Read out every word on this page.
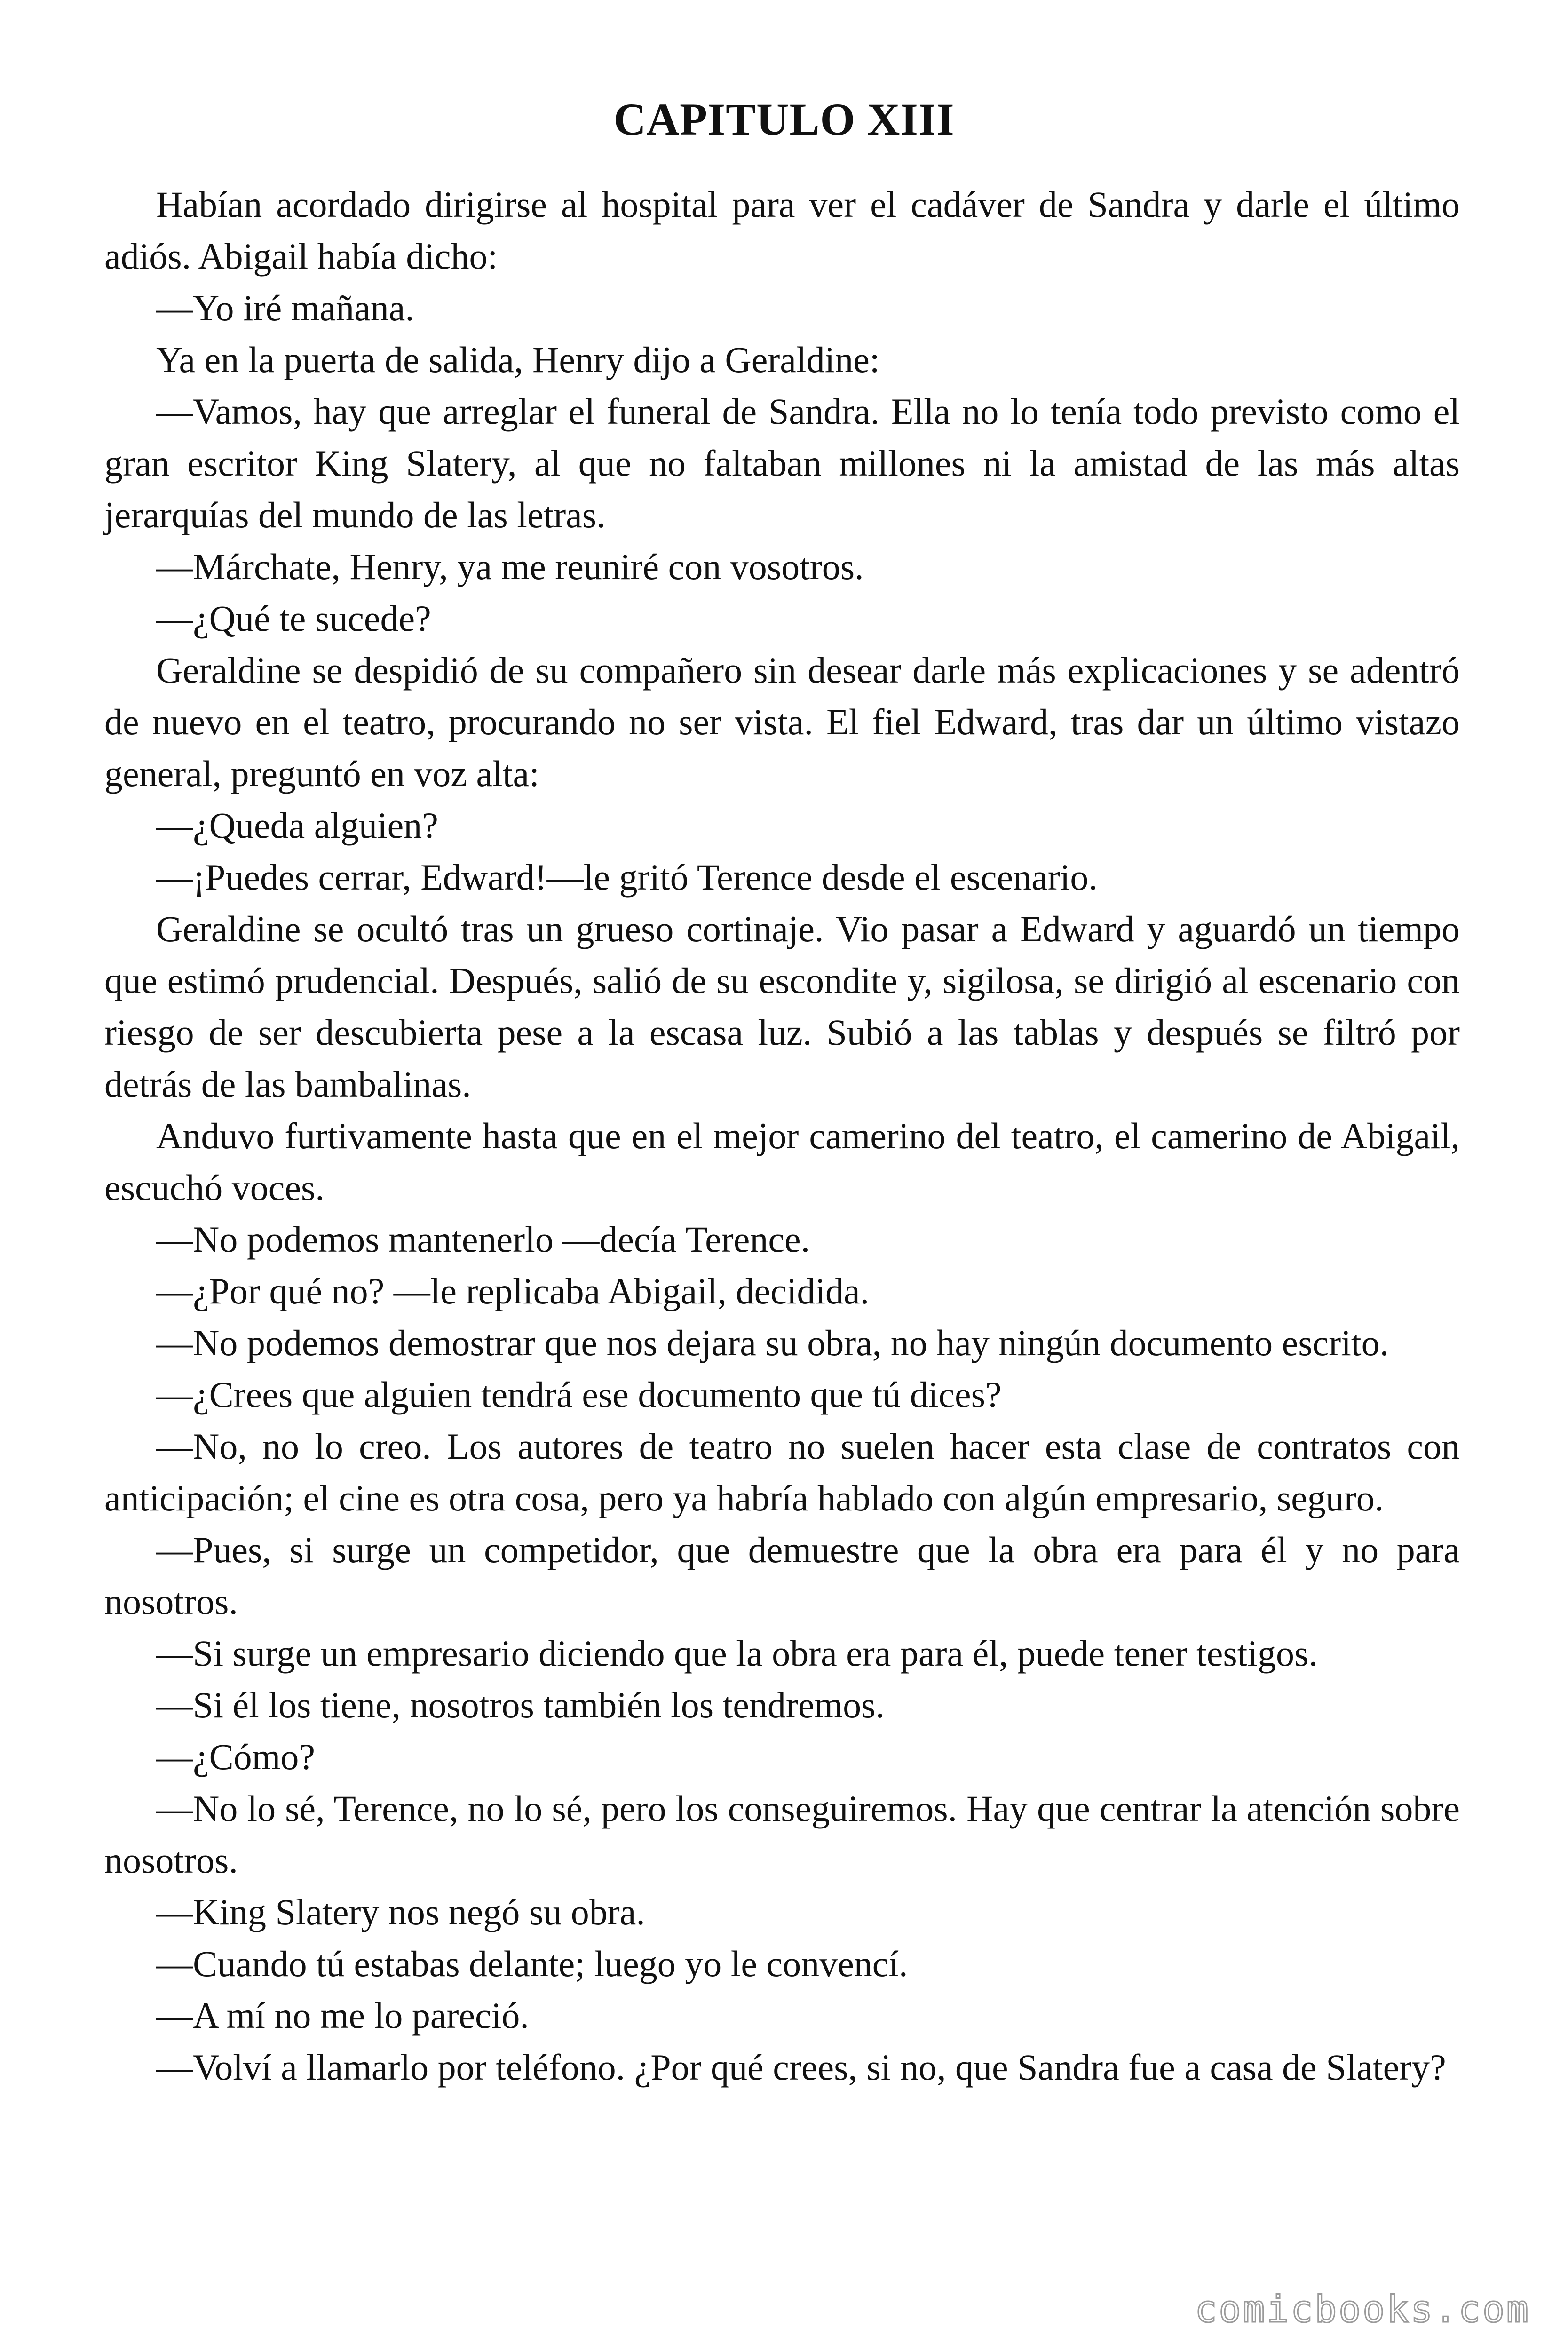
CAPITULO XIII

Habían acordado dirigirse al hospital para ver el cadáver de Sandra y darle el último adiós. Abigail había dicho:

—Yo iré mañana.

Ya en la puerta de salida, Henry dijo a Geraldine:

—Vamos, hay que arreglar el funeral de Sandra. Ella no lo tenía todo previsto como el gran escritor King Slatery, al que no faltaban millones ni la amistad de las más altas jerarquías del mundo de las letras.

—Márchate, Henry, ya me reuniré con vosotros.

—¿Qué te sucede?

Geraldine se despidió de su compañero sin desear darle más explicaciones y se adentró de nuevo en el teatro, procurando no ser vista. El fiel Edward, tras dar un último vistazo general, preguntó en voz alta:

—¿Queda alguien?

—¡Puedes cerrar, Edward!—le gritó Terence desde el escenario.

Geraldine se ocultó tras un grueso cortinaje. Vio pasar a Edward y aguardó un tiempo que estimó prudencial. Después, salió de su escondite y, sigilosa, se dirigió al escenario con riesgo de ser descubierta pese a la escasa luz. Subió a las tablas y después se filtró por detrás de las bambalinas.

Anduvo furtivamente hasta que en el mejor camerino del teatro, el camerino de Abigail, escuchó voces.

—No podemos mantenerlo —decía Terence.

—¿Por qué no? —le replicaba Abigail, decidida.

—No podemos demostrar que nos dejara su obra, no hay ningún documento escrito.

—¿Crees que alguien tendrá ese documento que tú dices?

—No, no lo creo. Los autores de teatro no suelen hacer esta clase de contratos con anticipación; el cine es otra cosa, pero ya habría hablado con algún empresario, seguro.

—Pues, si surge un competidor, que demuestre que la obra era para él y no para nosotros.

—Si surge un empresario diciendo que la obra era para él, puede tener testigos.

—Si él los tiene, nosotros también los tendremos.

—¿Cómo?

—No lo sé, Terence, no lo sé, pero los conseguiremos. Hay que centrar la atención sobre nosotros.

—King Slatery nos negó su obra.

—Cuando tú estabas delante; luego yo le convencí.

—A mí no me lo pareció.

—Volví a llamarlo por teléfono. ¿Por qué crees, si no, que Sandra fue a casa de Slatery?

comicbooks.com
